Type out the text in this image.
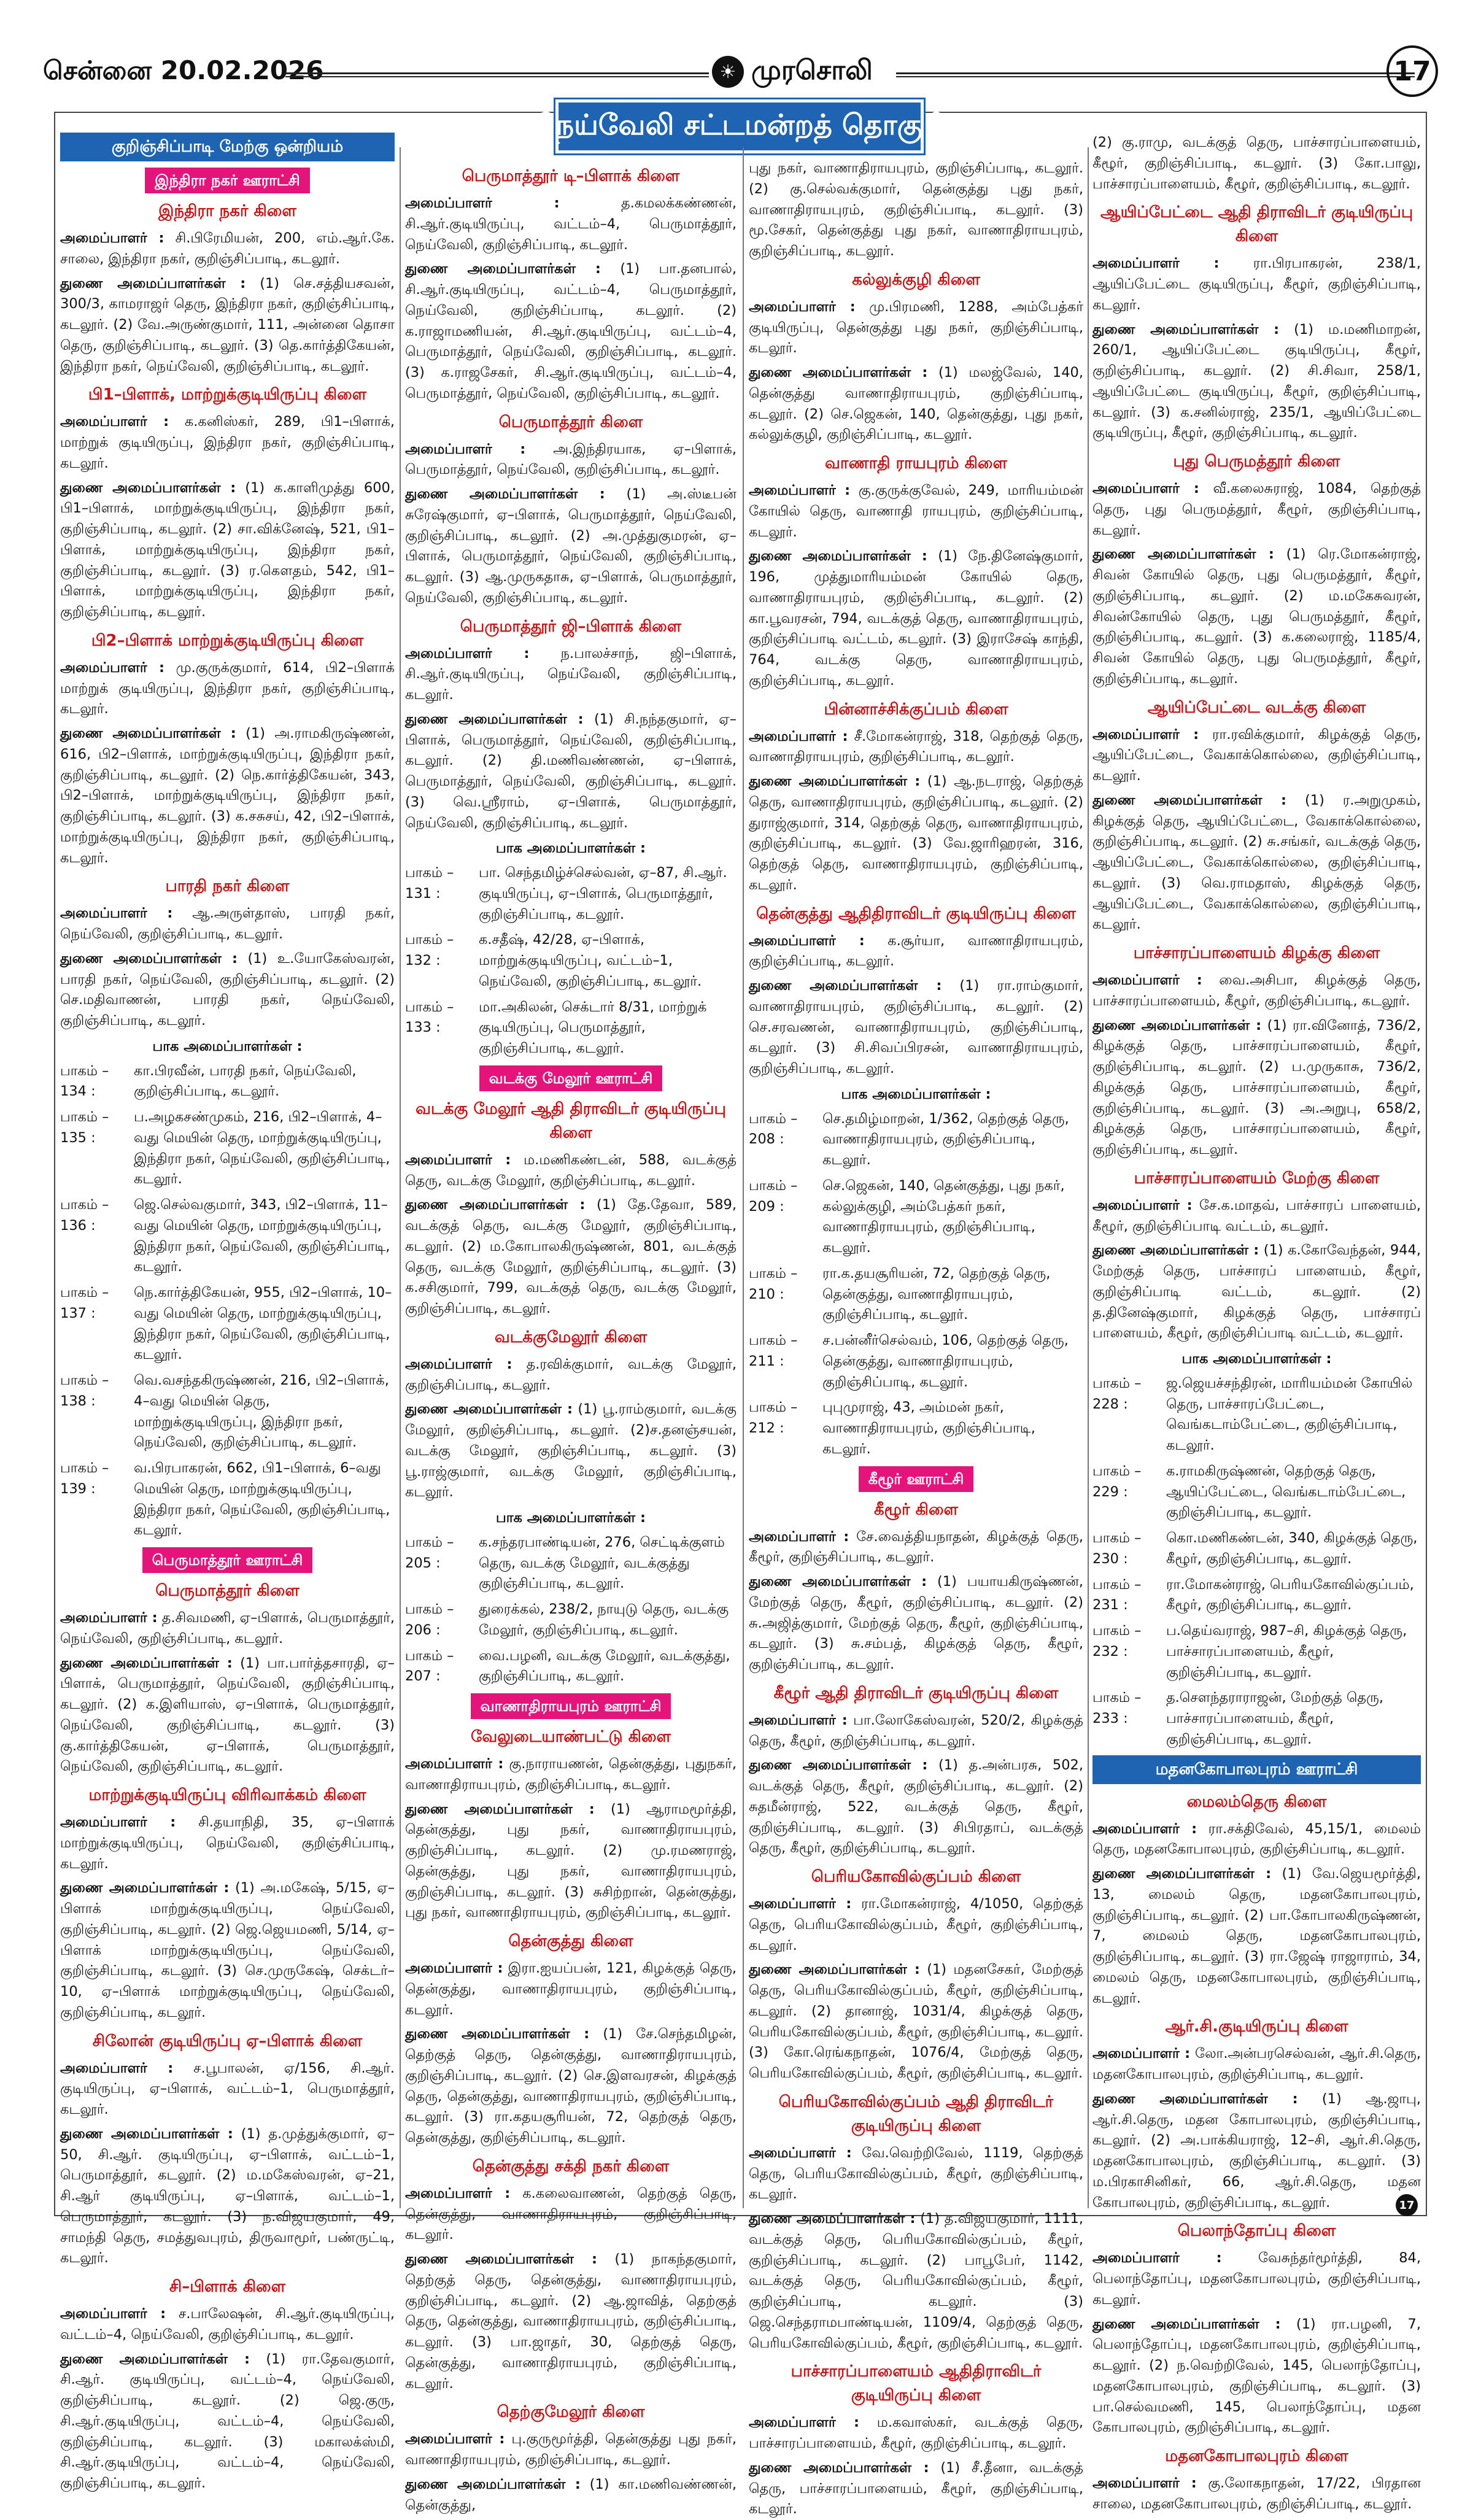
சென்னை 20.02.2026	☀ முரசொலி	17
நெய்வேலி சட்டமன்றத் தொகுதி
குறிஞ்சிப்பாடி மேற்கு ஒன்றியம்
இந்திரா நகர் ஊராட்சி
இந்திரா நகர் கிளை

அமைப்பாளர் : சி.பிரேமியன், 200, எம்.ஆர்.கே. சாலை, இந்திரா நகர், குறிஞ்சிப்பாடி, கடலூர்.

துணை அமைப்பாளர்கள் : (1) செ.சத்தியசவன், 300/3, காமராஜர் தெரு, இந்திரா நகர், குறிஞ்சிப்பாடி, கடலூர். (2) வே.அருண்குமார், 111, அன்னை தொசா தெரு, குறிஞ்சிப்பாடி, கடலூர். (3) தெ.கார்த்திகேயன், இந்திரா நகர், நெய்வேலி, குறிஞ்சிப்பாடி, கடலூர்.

பி1–பிளாக், மாற்றுக்குடியிருப்பு கிளை

அமைப்பாளர் : க.கனிஸ்கர், 289, பி1–பிளாக், மாற்றுக் குடியிருப்பு, இந்திரா நகர், குறிஞ்சிப்பாடி, கடலூர்.

துணை அமைப்பாளர்கள் : (1) க.காளிமுத்து 600, பி1–பிளாக், மாற்றுக்குடியிருப்பு, இந்திரா நகர், குறிஞ்சிப்பாடி, கடலூர். (2) சா.விக்னேஷ், 521, பி1–பிளாக், மாற்றுக்குடியிருப்பு, இந்திரா நகர், குறிஞ்சிப்பாடி, கடலூர். (3) ர.கௌதம், 542, பி1–பிளாக், மாற்றுக்குடியிருப்பு, இந்திரா நகர், குறிஞ்சிப்பாடி, கடலூர்.

பி2–பிளாக் மாற்றுக்குடியிருப்பு கிளை

அமைப்பாளர் : மு.குருக்குமார், 614, பி2–பிளாக் மாற்றுக் குடியிருப்பு, இந்திரா நகர், குறிஞ்சிப்பாடி, கடலூர்.

துணை அமைப்பாளர்கள் : (1) அ.ராமகிருஷ்ணன், 616, பி2–பிளாக், மாற்றுக்குடியிருப்பு, இந்திரா நகர், குறிஞ்சிப்பாடி, கடலூர். (2) நெ.கார்த்திகேயன், 343, பி2–பிளாக், மாற்றுக்குடியிருப்பு, இந்திரா நகர், குறிஞ்சிப்பாடி, கடலூர். (3) க.சசுசய், 42, பி2–பிளாக், மாற்றுக்குடியிருப்பு, இந்திரா நகர், குறிஞ்சிப்பாடி, கடலூர்.

பாரதி நகர் கிளை

அமைப்பாளர் : ஆ.அருள்தாஸ், பாரதி நகர், நெய்வேலி, குறிஞ்சிப்பாடி, கடலூர்.

துணை அமைப்பாளர்கள் : (1) உ.யோகேஸ்வரன், பாரதி நகர், நெய்வேலி, குறிஞ்சிப்பாடி, கடலூர். (2) செ.மதிவாணன், பாரதி நகர், நெய்வேலி, குறிஞ்சிப்பாடி, கடலூர்.

பாக அமைப்பாளர்கள் :
பாகம் – 134 :
கா.பிரவீன், பாரதி நகர், நெய்வேலி, குறிஞ்சிப்பாடி, கடலூர்.
பாகம் – 135 :
ப.அழகசண்முகம், 216, பி2–பிளாக், 4–வது மெயின் தெரு, மாற்றுக்குடியிருப்பு, இந்திரா நகர், நெய்வேலி, குறிஞ்சிப்பாடி, கடலூர்.
பாகம் – 136 :
ஜெ.செல்வகுமார், 343, பி2–பிளாக், 11–வது மெயின் தெரு, மாற்றுக்குடியிருப்பு, இந்திரா நகர், நெய்வேலி, குறிஞ்சிப்பாடி, கடலூர்.
பாகம் – 137 :
நெ.கார்த்திகேயன், 955, பி2–பிளாக், 10–வது மெயின் தெரு, மாற்றுக்குடியிருப்பு, இந்திரா நகர், நெய்வேலி, குறிஞ்சிப்பாடி, கடலூர்.
பாகம் – 138 :
வெ.வசந்தகிருஷ்ணன், 216, பி2–பிளாக், 4–வது மெயின் தெரு, மாற்றுக்குடியிருப்பு, இந்திரா நகர், நெய்வேலி, குறிஞ்சிப்பாடி, கடலூர்.
பாகம் – 139 :
வ.பிரபாகரன், 662, பி1–பிளாக், 6–வது மெயின் தெரு, மாற்றுக்குடியிருப்பு, இந்திரா நகர், நெய்வேலி, குறிஞ்சிப்பாடி, கடலூர்.
பெருமாத்தூர் ஊராட்சி
பெருமாத்தூர் கிளை

அமைப்பாளர் : த.சிவமணி, ஏ–பிளாக், பெருமாத்தூர், நெய்வேலி, குறிஞ்சிப்பாடி, கடலூர்.

துணை அமைப்பாளர்கள் : (1) பா.பார்த்தசாரதி, ஏ–பிளாக், பெருமாத்தூர், நெய்வேலி, குறிஞ்சிப்பாடி, கடலூர். (2) க.இளியாஸ், ஏ–பிளாக், பெருமாத்தூர், நெய்வேலி, குறிஞ்சிப்பாடி, கடலூர். (3) கு.கார்த்திகேயன், ஏ–பிளாக், பெருமாத்தூர், நெய்வேலி, குறிஞ்சிப்பாடி, கடலூர்.

மாற்றுக்குடியிருப்பு விரிவாக்கம் கிளை

அமைப்பாளர் : சி.தயாநிதி, 35, ஏ–பிளாக் மாற்றுக்குடியிருப்பு, நெய்வேலி, குறிஞ்சிப்பாடி, கடலூர்.

துணை அமைப்பாளர்கள் : (1) அ.மகேஷ், 5/15, ஏ–பிளாக் மாற்றுக்குடியிருப்பு, நெய்வேலி, குறிஞ்சிப்பாடி, கடலூர். (2) ஜெ.ஜெயமணி, 5/14, ஏ–பிளாக் மாற்றுக்குடியிருப்பு, நெய்வேலி, குறிஞ்சிப்பாடி, கடலூர். (3) செ.முருகேஷ், செக்டர்–10, ஏ–பிளாக் மாற்றுக்குடியிருப்பு, நெய்வேலி, குறிஞ்சிப்பாடி, கடலூர்.

சிலோன் குடியிருப்பு ஏ–பிளாக் கிளை

அமைப்பாளர் : ச.பூபாலன், ஏ/156, சி.ஆர். குடியிருப்பு, ஏ–பிளாக், வட்டம்–1, பெருமாத்தூர், கடலூர்.

துணை அமைப்பாளர்கள் : (1) த.முத்துக்குமார், ஏ–50, சி.ஆர். குடியிருப்பு, ஏ–பிளாக், வட்டம்–1, பெருமாத்தூர், கடலூர். (2) ம.மகேஸ்வரன், ஏ–21, சி.ஆர் குடியிருப்பு, ஏ–பிளாக், வட்டம்–1, பெருமாத்தூர், கடலூர். (3) ந.விஜயகுமார், 49, சாமந்தி தெரு, சமத்துவபுரம், திருவாமூர், பண்ருட்டி, கடலூர்.

சி–பிளாக் கிளை

அமைப்பாளர் : ச.பாலேஷன், சி.ஆர்.குடியிருப்பு, வட்டம்–4, நெய்வேலி, குறிஞ்சிப்பாடி, கடலூர்.

துணை அமைப்பாளர்கள் : (1) ரா.தேவகுமார், சி.ஆர். குடியிருப்பு, வட்டம்–4, நெய்வேலி, குறிஞ்சிப்பாடி, கடலூர். (2) ஜெ.குரு, சி.ஆர்.குடியிருப்பு, வட்டம்–4, நெய்வேலி, குறிஞ்சிப்பாடி, கடலூர். (3) மகாலக்ஸ்மி, சி.ஆர்.குடியிருப்பு, வட்டம்–4, நெய்வேலி, குறிஞ்சிப்பாடி, கடலூர்.

பெருமாத்தூர் டி–பிளாக் கிளை

அமைப்பாளர் :	த.கமலக்கண்ணன், சி.ஆர்.குடியிருப்பு, வட்டம்–4, பெருமாத்தூர், நெய்வேலி, குறிஞ்சிப்பாடி, கடலூர்.

துணை அமைப்பாளர்கள் : (1) பா.தனபால், சி.ஆர்.குடியிருப்பு, வட்டம்–4, பெருமாத்தூர், நெய்வேலி, குறிஞ்சிப்பாடி, கடலூர். (2) க.ராஜாமணியன், சி.ஆர்.குடியிருப்பு, வட்டம்–4, பெருமாத்தூர், நெய்வேலி, குறிஞ்சிப்பாடி, கடலூர். (3) க.ராஜசேகர், சி.ஆர்.குடியிருப்பு, வட்டம்–4, பெருமாத்தூர், நெய்வேலி, குறிஞ்சிப்பாடி, கடலூர்.

பெருமாத்தூர் கிளை

அமைப்பாளர் : அ.இந்திரயாக, ஏ–பிளாக், பெருமாத்தூர், நெய்வேலி, குறிஞ்சிப்பாடி, கடலூர்.

துணை அமைப்பாளர்கள் : (1) அ.ஸ்டீபன் சுரேஷ்குமார், ஏ–பிளாக், பெருமாத்தூர், நெய்வேலி, குறிஞ்சிப்பாடி, கடலூர். (2) அ.முத்துகுமரன், ஏ–பிளாக், பெருமாத்தூர், நெய்வேலி, குறிஞ்சிப்பாடி, கடலூர். (3) ஆ.முருகதாசு, ஏ–பிளாக், பெருமாத்தூர், நெய்வேலி, குறிஞ்சிப்பாடி, கடலூர்.

பெருமாத்தூர் ஜி–பிளாக் கிளை

அமைப்பாளர் : ந.பாலச்சாந், ஜி–பிளாக், சி.ஆர்.குடியிருப்பு, நெய்வேலி, குறிஞ்சிப்பாடி, கடலூர்.

துணை அமைப்பாளர்கள் : (1) சி.நந்தகுமார், ஏ–பிளாக், பெருமாத்தூர், நெய்வேலி, குறிஞ்சிப்பாடி, கடலூர். (2) தி.மணிவண்ணன், ஏ–பிளாக், பெருமாத்தூர், நெய்வேலி, குறிஞ்சிப்பாடி, கடலூர். (3) வெ.ஸ்ரீராம், ஏ–பிளாக், பெருமாத்தூர், நெய்வேலி, குறிஞ்சிப்பாடி, கடலூர்.

பாக அமைப்பாளர்கள் :
பாகம் – 131 :
பா. செந்தமிழ்ச்செல்வன், ஏ–87, சி.ஆர். குடியிருப்பு, ஏ–பிளாக், பெருமாத்தூர், குறிஞ்சிப்பாடி, கடலூர்.
பாகம் – 132 :
க.சதீஷ், 42/28, ஏ–பிளாக், மாற்றுக்குடியிருப்பு, வட்டம்–1, நெய்வேலி, குறிஞ்சிப்பாடி, கடலூர்.
பாகம் – 133 :
மா.அகிலன், செக்டார் 8/31, மாற்றுக் குடியிருப்பு, பெருமாத்தூர், குறிஞ்சிப்பாடி, கடலூர்.
வடக்கு மேலூர் ஊராட்சி
வடக்கு மேலூர் ஆதி திராவிடர் குடியிருப்பு கிளை

அமைப்பாளர் : ம.மணிகண்டன், 588, வடக்குத் தெரு, வடக்கு மேலூர், குறிஞ்சிப்பாடி, கடலூர்.

துணை அமைப்பாளர்கள் : (1) தே.தேவா, 589, வடக்குத் தெரு, வடக்கு மேலூர், குறிஞ்சிப்பாடி, கடலூர். (2) ம.கோபாலகிருஷ்ணன், 801, வடக்குத் தெரு, வடக்கு மேலூர், குறிஞ்சிப்பாடி, கடலூர். (3) க.சசிகுமார், 799, வடக்குத் தெரு, வடக்கு மேலூர், குறிஞ்சிப்பாடி, கடலூர்.

வடக்குமேலூர் கிளை

அமைப்பாளர் : த.ரவிக்குமார், வடக்கு மேலூர், குறிஞ்சிப்பாடி, கடலூர்.

துணை அமைப்பாளர்கள் : (1) பூ.ராம்குமார், வடக்கு மேலூர், குறிஞ்சிப்பாடி, கடலூர். (2)ச.தனஞ்சயன், வடக்கு மேலூர், குறிஞ்சிப்பாடி, கடலூர். (3) பூ.ராஜ்குமார், வடக்கு மேலூர், குறிஞ்சிப்பாடி, கடலூர்.

பாக அமைப்பாளர்கள் :
பாகம் – 205 :
க.சந்தரபாண்டியன், 276, செட்டிக்குளம் தெரு, வடக்கு மேலூர், வடக்குத்து குறிஞ்சிப்பாடி, கடலூர்.
பாகம் – 206 :
துரைக்கல், 238/2, நாயுடு தெரு, வடக்கு மேலூர், குறிஞ்சிப்பாடி, கடலூர்.
பாகம் – 207 :
வை.பழனி, வடக்கு மேலூர், வடக்குத்து, குறிஞ்சிப்பாடி, கடலூர்.
வாணாதிராயபுரம் ஊராட்சி
வேலுடையாண்பட்டு கிளை

அமைப்பாளர் : கு.நாராயணன், தென்குத்து, புதுநகர், வாணாதிராயபுரம், குறிஞ்சிப்பாடி, கடலூர்.

துணை அமைப்பாளர்கள் : (1) ஆராமமூர்த்தி, தென்குத்து, புது நகர், வாணாதிராயபுரம், குறிஞ்சிப்பாடி, கடலூர். (2) மு.ரமணராஜ், தென்குத்து, புது நகர், வாணாதிராயபுரம், குறிஞ்சிப்பாடி, கடலூர். (3) சுசிற்றான், தென்குத்து, புது நகர், வாணாதிராயபுரம், குறிஞ்சிப்பாடி, கடலூர்.

தென்குத்து கிளை

அமைப்பாளர் : இரா.ஐயப்பன், 121, கிழக்குத் தெரு, தென்குத்து, வாணாதிராயபுரம், குறிஞ்சிப்பாடி, கடலூர்.

துணை அமைப்பாளர்கள் : (1) சே.செந்தமிழன், தெற்குத் தெரு, தென்குத்து, வாணாதிராயபுரம், குறிஞ்சிப்பாடி, கடலூர். (2) செ.இளவரசன், கிழக்குத் தெரு, தென்குத்து, வாணாதிராயபுரம், குறிஞ்சிப்பாடி, கடலூர். (3) ரா.கதயசூரியன், 72, தெற்குத் தெரு, தென்குத்து, குறிஞ்சிப்பாடி, கடலூர்.

தென்குத்து சக்தி நகர் கிளை

அமைப்பாளர் : க.கலைவாணன், தெற்குத் தெரு, தென்குத்து, வாணாதிராயபுரம், குறிஞ்சிப்பாடி, கடலூர்.

துணை அமைப்பாளர்கள் : (1) நாகந்தகுமார், தெற்குத் தெரு, தென்குத்து, வாணாதிராயபுரம், குறிஞ்சிப்பாடி, கடலூர். (2) ஆ.ஜாவித், தெற்குத் தெரு, தென்குத்து, வாணாதிராயபுரம், குறிஞ்சிப்பாடி, கடலூர். (3) பா.ஜாதர், 30, தெற்குத் தெரு, தென்குத்து, வாணாதிராயபுரம், குறிஞ்சிப்பாடி, கடலூர்.

தெற்குமேலூர் கிளை

அமைப்பாளர் : பு.குருமூர்த்தி, தென்குத்து புது நகர், வாணாதிராயபுரம், குறிஞ்சிப்பாடி, கடலூர்.

துணை அமைப்பாளர்கள் : (1) கா.மணிவண்ணன், தென்குத்து,

புது நகர், வாணாதிராயபுரம், குறிஞ்சிப்பாடி, கடலூர். (2) கு.செல்வக்குமார், தென்குத்து புது நகர், வாணாதிராயபுரம், குறிஞ்சிப்பாடி, கடலூர். (3) மூ.சேகர், தென்குத்து புது நகர், வாணாதிராயபுரம், குறிஞ்சிப்பாடி, கடலூர்.

கல்லுக்குழி கிளை

அமைப்பாளர் : மு.பிரமணி, 1288, அம்பேத்கர் குடியிருப்பு, தென்குத்து புது நகர், குறிஞ்சிப்பாடி, கடலூர்.

துணை அமைப்பாளர்கள் : (1) மலஜ்வேல், 140, தென்குத்து வாணாதிராயபுரம், குறிஞ்சிப்பாடி, கடலூர். (2) செ.ஜெகன், 140, தென்குத்து, புது நகர், கல்லுக்குழி, குறிஞ்சிப்பாடி, கடலூர்.

வாணாதி ராயபுரம் கிளை

அமைப்பாளர் : கு.குருக்குவேல், 249, மாரியம்மன் கோயில் தெரு, வாணாதி ராயபுரம், குறிஞ்சிப்பாடி, கடலூர்.

துணை அமைப்பாளர்கள் : (1) நே.தினேஷ்குமார், 196, முத்துமாரியம்மன் கோயில் தெரு, வாணாதிராயபுரம், குறிஞ்சிப்பாடி, கடலூர். (2) கா.பூவரசன், 794, வடக்குத் தெரு, வாணாதிராயபுரம், குறிஞ்சிப்பாடி வட்டம், கடலூர். (3) இராசேஷ் காந்தி, 764, வடக்கு தெரு, வாணாதிராயபுரம், குறிஞ்சிப்பாடி, கடலூர்.

பின்னாச்சிக்குப்பம் கிளை

அமைப்பாளர் : சீ.மோகன்ராஜ், 318, தெற்குத் தெரு, வாணாதிராயபுரம், குறிஞ்சிப்பாடி, கடலூர்.

துணை அமைப்பாளர்கள் : (1) ஆ.நடராஜ், தெற்குத் தெரு, வாணாதிராயபுரம், குறிஞ்சிப்பாடி, கடலூர். (2) துராஜ்குமார், 314, தெற்குத் தெரு, வாணாதிராயபுரம், குறிஞ்சிப்பாடி, கடலூர். (3) வே.ஜாரிஹரன், 316, தெற்குத் தெரு, வாணாதிராயபுரம், குறிஞ்சிப்பாடி, கடலூர்.

தென்குத்து ஆதிதிராவிடர் குடியிருப்பு கிளை

அமைப்பாளர் : க.சூர்யா, வாணாதிராயபுரம், குறிஞ்சிப்பாடி, கடலூர்.

துணை அமைப்பாளர்கள் : (1) ரா.ராம்குமார், வாணாதிராயபுரம், குறிஞ்சிப்பாடி, கடலூர். (2) செ.சரவணன், வாணாதிராயபுரம், குறிஞ்சிப்பாடி, கடலூர். (3) சி.சிவப்பிரசன், வாணாதிராயபுரம், குறிஞ்சிப்பாடி, கடலூர்.

பாக அமைப்பாளர்கள் :
பாகம் – 208 :
செ.தமிழ்மாறன், 1/362, தெற்குத் தெரு, வாணாதிராயபுரம், குறிஞ்சிப்பாடி, கடலூர்.
பாகம் – 209 :
செ.ஜெகன், 140, தென்குத்து, புது நகர், கல்லுக்குழி, அம்பேத்கர் நகர், வாணாதிராயபுரம், குறிஞ்சிப்பாடி, கடலூர்.
பாகம் – 210 :
ரா.க.தயசூரியன், 72, தெற்குத் தெரு, தென்குத்து, வாணாதிராயபுரம், குறிஞ்சிப்பாடி, கடலூர்.
பாகம் – 211 :
ச.பன்னீர்செல்வம், 106, தெற்குத் தெரு, தென்குத்து, வாணாதிராயபுரம், குறிஞ்சிப்பாடி, கடலூர்.
பாகம் – 212 :
புபுமுராஜ், 43, அம்மன் நகர், வாணாதிராயபுரம், குறிஞ்சிப்பாடி, கடலூர்.
கீழூர் ஊராட்சி
கீழூர் கிளை

அமைப்பாளர் : சே.வைத்தியநாதன், கிழக்குத் தெரு, கீழூர், குறிஞ்சிப்பாடி, கடலூர்.

துணை அமைப்பாளர்கள் : (1) பயாயகிருஷ்ணன், மேற்குத் தெரு, கீழூர், குறிஞ்சிப்பாடி, கடலூர். (2) சு.அஜித்குமார், மேற்குத் தெரு, கீழூர், குறிஞ்சிப்பாடி, கடலூர். (3) சு.சம்பத், கிழக்குத் தெரு, கீழூர், குறிஞ்சிப்பாடி, கடலூர்.

கீழூர் ஆதி திராவிடர் குடியிருப்பு கிளை

அமைப்பாளர் : பா.லோகேஸ்வரன், 520/2, கிழக்குத் தெரு, கீழூர், குறிஞ்சிப்பாடி, கடலூர்.

துணை அமைப்பாளர்கள் : (1) த.அன்பரசு, 502, வடக்குத் தெரு, கீழூர், குறிஞ்சிப்பாடி, கடலூர். (2) சுதமீன்ராஜ், 522, வடக்குத் தெரு, கீழூர், குறிஞ்சிப்பாடி, கடலூர். (3) சிபிரதாப், வடக்குத் தெரு, கீழூர், குறிஞ்சிப்பாடி, கடலூர்.

பெரியகோவில்குப்பம் கிளை

அமைப்பாளர் : ரா.மோகன்ராஜ், 4/1050, தெற்குத் தெரு, பெரியகோவில்குப்பம், கீழூர், குறிஞ்சிப்பாடி, கடலூர்.

துணை அமைப்பாளர்கள் : (1) மதனசேகர், மேற்குத் தெரு, பெரியகோவில்குப்பம், கீழூர், குறிஞ்சிப்பாடி, கடலூர். (2) தானாஜ், 1031/4, கிழக்குத் தெரு, பெரியகோவில்குப்பம், கீழூர், குறிஞ்சிப்பாடி, கடலூர். (3) கோ.ரெங்கநாதன், 1076/4, மேற்குத் தெரு, பெரியகோவில்குப்பம், கீழூர், குறிஞ்சிப்பாடி, கடலூர்.

பெரியகோவில்குப்பம் ஆதி திராவிடர் குடியிருப்பு கிளை

அமைப்பாளர் : வே.வெற்றிவேல், 1119, தெற்குத் தெரு, பெரியகோவில்குப்பம், கீழூர், குறிஞ்சிப்பாடி, கடலூர்.

துணை அமைப்பாளர்கள் : (1) த.விஜயகுமார், 1111, வடக்குத் தெரு, பெரியகோவில்குப்பம், கீழூர், குறிஞ்சிப்பாடி, கடலூர். (2) பாபூபேர், 1142, வடக்குத் தெரு, பெரியகோவில்குப்பம், கீழூர், குறிஞ்சிப்பாடி, கடலூர். (3) ஜெ.செந்தராமபாண்டியன், 1109/4, தெற்குத் தெரு, பெரியகோவில்குப்பம், கீழூர், குறிஞ்சிப்பாடி, கடலூர்.

பாச்சாரப்பாளையம் ஆதிதிராவிடர் குடியிருப்பு கிளை

அமைப்பாளர் : ம.கவாஸ்கர், வடக்குத் தெரு, பாச்சாரப்பாளையம், கீழூர், குறிஞ்சிப்பாடி, கடலூர்.

துணை அமைப்பாளர்கள் : (1) சீ.தீனா, வடக்குத் தெரு, பாச்சாரப்பாளையம், கீழூர், குறிஞ்சிப்பாடி, கடலூர்.

(2) கு.ராமு, வடக்குத் தெரு, பாச்சாரப்பாளையம், கீழூர், குறிஞ்சிப்பாடி, கடலூர். (3) கோ.பாலு, பாச்சாரப்பாளையம், கீழூர், குறிஞ்சிப்பாடி, கடலூர்.

ஆயிப்பேட்டை ஆதி திராவிடர் குடியிருப்பு கிளை

அமைப்பாளர் : ரா.பிரபாகரன், 238/1, ஆயிப்பேட்டை குடியிருப்பு, கீழூர், குறிஞ்சிப்பாடி, கடலூர்.

துணை அமைப்பாளர்கள் : (1) ம.மணிமாறன், 260/1, ஆயிப்பேட்டை குடியிருப்பு, கீழூர், குறிஞ்சிப்பாடி, கடலூர். (2) சி.சிவா, 258/1, ஆயிப்பேட்டை குடியிருப்பு, கீழூர், குறிஞ்சிப்பாடி, கடலூர். (3) க.சனில்ராஜ், 235/1, ஆயிப்பேட்டை குடியிருப்பு, கீழூர், குறிஞ்சிப்பாடி, கடலூர்.

புது பெருமத்தூர் கிளை

அமைப்பாளர் : வீ.கலைசுராஜ், 1084, தெற்குத் தெரு, புது பெருமத்தூர், கீழூர், குறிஞ்சிப்பாடி, கடலூர்.

துணை அமைப்பாளர்கள் : (1) ரெ.மோகன்ராஜ், சிவன் கோயில் தெரு, புது பெருமத்தூர், கீழூர், குறிஞ்சிப்பாடி, கடலூர். (2) ம.மகேசுவரன், சிவன்கோயில் தெரு, புது பெருமத்தூர், கீழூர், குறிஞ்சிப்பாடி, கடலூர். (3) க.கலைராஜ், 1185/4, சிவன் கோயில் தெரு, புது பெருமத்தூர், கீழூர், குறிஞ்சிப்பாடி, கடலூர்.

ஆயிப்பேட்டை வடக்கு கிளை

அமைப்பாளர் : ரா.ரவிக்குமார், கிழக்குத் தெரு, ஆயிப்பேட்டை, வேகாக்கொல்லை, குறிஞ்சிப்பாடி, கடலூர்.

துணை அமைப்பாளர்கள் : (1) ர.அறுமுகம், கிழக்குத் தெரு, ஆயிப்பேட்டை, வேகாக்கொல்லை, குறிஞ்சிப்பாடி, கடலூர். (2) சு.சங்கர், வடக்குத் தெரு, ஆயிப்பேட்டை, வேகாக்கொல்லை, குறிஞ்சிப்பாடி, கடலூர். (3) வெ.ராமதாஸ், கிழக்குத் தெரு, ஆயிப்பேட்டை, வேகாக்கொல்லை, குறிஞ்சிப்பாடி, கடலூர்.

பாச்சாரப்பாளையம் கிழக்கு கிளை

அமைப்பாளர் : வை.அசிபா, கிழக்குத் தெரு, பாச்சாரப்பாளையம், கீழூர், குறிஞ்சிப்பாடி, கடலூர்.

துணை அமைப்பாளர்கள் : (1) ரா.வினோத், 736/2, கிழக்குத் தெரு, பாச்சாரப்பாளையம், கீழூர், குறிஞ்சிப்பாடி, கடலூர். (2) ப.முருகாசு, 736/2, கிழக்குத் தெரு, பாச்சாரப்பாளையம், கீழூர், குறிஞ்சிப்பாடி, கடலூர். (3) அ.அறுபு, 658/2, கிழக்குத் தெரு, பாச்சாரப்பாளையம், கீழூர், குறிஞ்சிப்பாடி, கடலூர்.

பாச்சாரப்பாளையம் மேற்கு கிளை

அமைப்பாளர் : சே.க.மாதவ், பாச்சாரப் பாளையம், கீழூர், குறிஞ்சிப்பாடி வட்டம், கடலூர்.

துணை அமைப்பாளர்கள் : (1) க.கோவேந்தன், 944, மேற்குத் தெரு, பாச்சாரப் பாளையம், கீழூர், குறிஞ்சிப்பாடி வட்டம், கடலூர். (2) த.தினேஷ்குமார், கிழக்குத் தெரு, பாச்சாரப் பாளையம், கீழூர், குறிஞ்சிப்பாடி வட்டம், கடலூர்.

பாக அமைப்பாளர்கள் :
பாகம் – 228 :
ஜ.ஜெயச்சந்திரன், மாரியம்மன் கோயில் தெரு, பாச்சாரப்பேட்டை, வெங்கடாம்பேட்டை, குறிஞ்சிப்பாடி, கடலூர்.
பாகம் – 229 :
க.ராமகிருஷ்ணன், தெற்குத் தெரு, ஆயிப்பேட்டை, வெங்கடாம்பேட்டை, குறிஞ்சிப்பாடி, கடலூர்.
பாகம் – 230 :
கொ.மணிகண்டன், 340, கிழக்குத் தெரு, கீழூர், குறிஞ்சிப்பாடி, கடலூர்.
பாகம் – 231 :
ரா.மோகன்ராஜ், பெரியகோவில்குப்பம், கீழூர், குறிஞ்சிப்பாடி, கடலூர்.
பாகம் – 232 :
ப.தெய்வராஜ், 987–சி, கிழக்குத் தெரு, பாச்சாரப்பாளையம், கீழூர், குறிஞ்சிப்பாடி, கடலூர்.
பாகம் – 233 :
த.செளந்தராராஜன், மேற்குத் தெரு, பாச்சாரப்பாளையம், கீழூர், குறிஞ்சிப்பாடி, கடலூர்.
மதனகோபாலபுரம் ஊராட்சி
மைலம்தெரு கிளை

அமைப்பாளர் : ரா.சக்திவேல், 45,15/1, மைலம் தெரு, மதனகோபாலபுரம், குறிஞ்சிப்பாடி, கடலூர்.

துணை அமைப்பாளர்கள் : (1) வே.ஜெயமூர்த்தி, 13, மைலம் தெரு, மதனகோபாலபுரம், குறிஞ்சிப்பாடி, கடலூர். (2) பா.கோபாலகிருஷ்ணன், 7, மைலம் தெரு, மதனகோபாலபுரம், குறிஞ்சிப்பாடி, கடலூர். (3) ரா.ஜேஷ் ராஜாராம், 34, மைலம் தெரு, மதனகோபாலபுரம், குறிஞ்சிப்பாடி, கடலூர்.

ஆர்.சி.குடியிருப்பு கிளை

அமைப்பாளர் : லோ.அன்பரசெல்வன், ஆர்.சி.தெரு, மதனகோபாலபுரம், குறிஞ்சிப்பாடி, கடலூர்.

துணை அமைப்பாளர்கள் : (1) ஆ.ஜாபு, ஆர்.சி.தெரு, மதன கோபாலபுரம், குறிஞ்சிப்பாடி, கடலூர். (2) அ.பாக்கியராஜ், 12–சி, ஆர்.சி.தெரு, மதனகோபாலபுரம், குறிஞ்சிப்பாடி, கடலூர். (3) ம.பிரகாசினிகர், 66, ஆர்.சி.தெரு, மதன கோபாலபுரம், குறிஞ்சிப்பாடி, கடலூர்.

பெலாந்தோப்பு கிளை

அமைப்பாளர் :	வேசுந்தர்மூர்த்தி, 84, பெலாந்தோப்பு, மதனகோபாலபுரம், குறிஞ்சிப்பாடி, கடலூர்.

துணை அமைப்பாளர்கள் : (1) ரா.பழனி, 7, பெலாந்தோப்பு, மதனகோபாலபுரம், குறிஞ்சிப்பாடி, கடலூர். (2) ந.வெற்றிவேல், 145, பெலாந்தோப்பு, மதனகோபாலபுரம், குறிஞ்சிப்பாடி, கடலூர். (3) பா.செல்வமணி, 145, பெலாந்தோப்பு, மதன கோபாலபுரம், குறிஞ்சிப்பாடி, கடலூர்.

மதனகோபாலபுரம் கிளை

அமைப்பாளர் : கு.லோகநாதன், 17/22, பிரதான சாலை, மதனகோபாலபுரம், குறிஞ்சிப்பாடி, கடலூர்.

17
